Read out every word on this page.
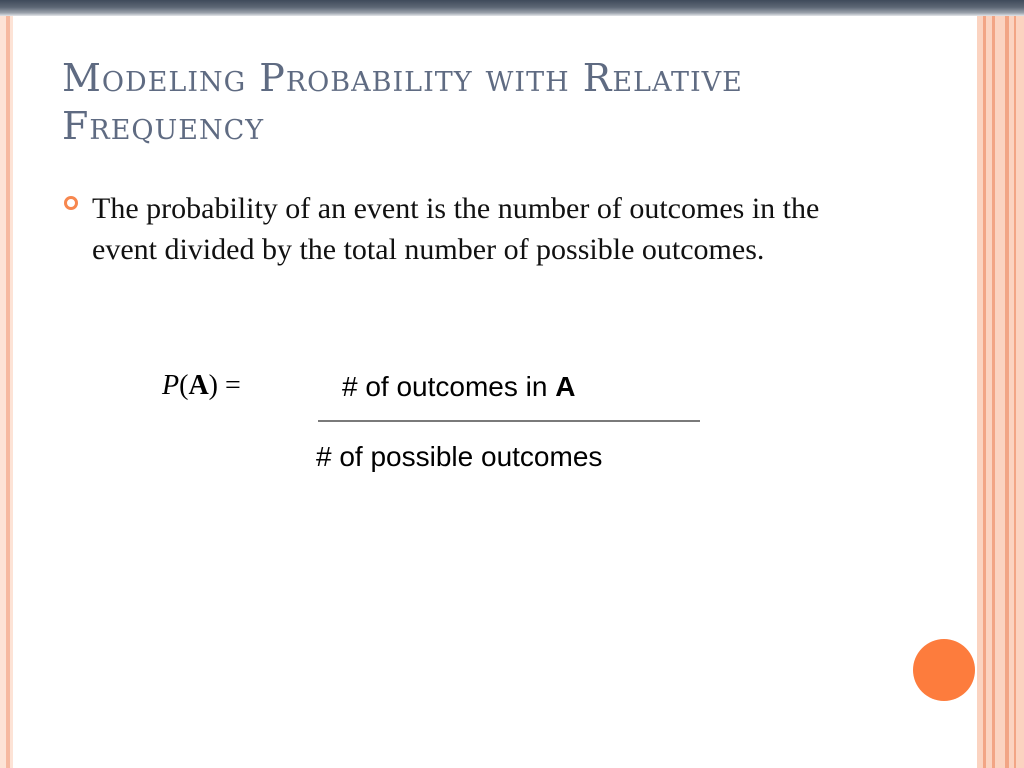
Modeling Probability with Relative Frequency

The probability of an event is the number of outcomes in the event divided by the total number of possible outcomes.

P(A) =	# of outcomes in A
# of possible outcomes
